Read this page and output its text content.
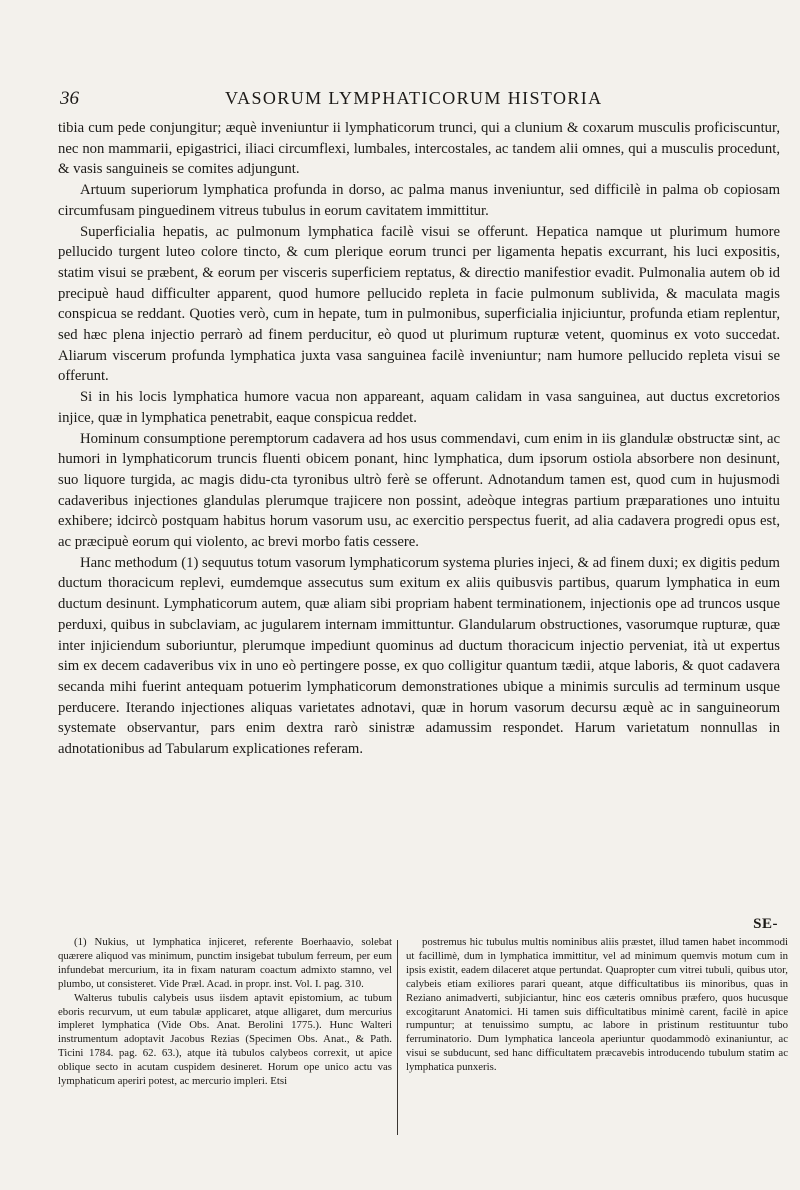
36	VASORUM LYMPHATICORUM HISTORIA

tibia cum pede conjungitur; æquè inveniuntur ii lymphaticorum trunci, qui a clunium & coxarum musculis proficiscuntur, nec non mammarii, epigastrici, iliaci circumflexi, lumbales, intercostales, ac tandem alii omnes, qui a musculis procedunt, & vasis sanguineis se comites adjungunt.

Artuum superiorum lymphatica profunda in dorso, ac palma manus inveniuntur, sed difficilè in palma ob copiosam circumfusam pinguedinem vitreus tubulus in eorum cavitatem immittitur.

Superficialia hepatis, ac pulmonum lymphatica facilè visui se offerunt. Hepatica namque ut plurimum humore pellucido turgent luteo colore tincto, & cum plerique eorum trunci per ligamenta hepatis excurrant, his luci expositis, statim visui se præbent, & eorum per visceris superficiem reptatus, & directio manifestior evadit. Pulmonalia autem ob id precipuè haud difficulter apparent, quod humore pellucido repleta in facie pulmonum sublivida, & maculata magis conspicua se reddant. Quoties verò, cum in hepate, tum in pulmonibus, superficialia injiciuntur, profunda etiam replentur, sed hæc plena injectio perrarò ad finem perducitur, eò quod ut plurimum rupturæ vetent, quominus ex voto succedat. Aliarum viscerum profunda lymphatica juxta vasa sanguinea facilè inveniuntur; nam humore pellucido repleta visui se offerunt.

Si in his locis lymphatica humore vacua non appareant, aquam calidam in vasa sanguinea, aut ductus excretorios injice, quæ in lymphatica penetrabit, eaque conspicua reddet.

Hominum consumptione peremptorum cadavera ad hos usus commendavi, cum enim in iis glandulæ obstructæ sint, ac humori in lymphaticorum truncis fluenti obicem ponant, hinc lymphatica, dum ipsorum ostiola absorbere non desinunt, suo liquore turgida, ac magis didu-cta tyronibus ultrò ferè se offerunt. Adnotandum tamen est, quod cum in hujusmodi cadaveribus injectiones glandulas plerumque trajicere non possint, adeòque integras partium præparationes uno intuitu exhibere; idcircò postquam habitus horum vasorum usu, ac exercitio perspectus fuerit, ad alia cadavera progredi opus est, ac præcipuè eorum qui violento, ac brevi morbo fatis cessere.

Hanc methodum (1) sequutus totum vasorum lymphaticorum systema pluries injeci, & ad finem duxi; ex digitis pedum ductum thoracicum replevi, eumdemque assecutus sum exitum ex aliis quibusvis partibus, quarum lymphatica in eum ductum desinunt. Lymphaticorum autem, quæ aliam sibi propriam habent terminationem, injectionis ope ad truncos usque perduxi, quibus in subclaviam, ac jugularem internam immittuntur. Glandularum obstructiones, vasorumque rupturæ, quæ inter injiciendum suboriuntur, plerumque impediunt quominus ad ductum thoracicum injectio perveniat, ità ut expertus sim ex decem cadaveribus vix in uno eò pertingere posse, ex quo colligitur quantum tædii, atque laboris, & quot cadavera secanda mihi fuerint antequam potuerim lymphaticorum demonstrationes ubique a minimis surculis ad terminum usque perducere. Iterando injectiones aliquas varietates adnotavi, quæ in horum vasorum decursu æquè ac in sanguineorum systemate observantur, pars enim dextra rarò sinistræ adamussim respondet. Harum varietatum nonnullas in adnotationibus ad Tabularum explicationes referam.

SE-

(1) Nukius, ut lymphatica injiceret, referente Boerhaavio, solebat quærere aliquod vas minimum, punctim insigebat tubulum ferreum, per eum infundebat mercurium, ita in fixam naturam coactum admixto stamno, vel plumbo, ut consisteret. Vide Præl. Acad. in propr. inst. Vol. I. pag. 310.

Walterus tubulis calybeis usus iisdem aptavit epistomium, ac tubum eboris recurvum, ut eum tabulæ applicaret, atque alligaret, dum mercurius impleret lymphatica (Vide Obs. Anat. Berolini 1775.). Hunc Walteri instrumentum adoptavit Jacobus Rezias (Specimen Obs. Anat., & Path. Ticini 1784. pag. 62. 63.), atque ità tubulos calybeos correxit, ut apice oblique secto in acutam cuspidem desineret. Horum ope unico actu vas lymphaticum aperiri potest, ac mercurio impleri. Etsi

postremus hic tubulus multis nominibus aliis præstet, illud tamen habet incommodi ut facillimè, dum in lymphatica immittitur, vel ad minimum quemvis motum cum in ipsis existit, eadem dilaceret atque pertundat. Quapropter cum vitrei tubuli, quibus utor, calybeis etiam exiliores parari queant, atque difficultatibus iis minoribus, quas in Reziano animadverti, subjiciantur, hinc eos cæteris omnibus præfero, quos hucusque excogitarunt Anatomici. Hi tamen suis difficultatibus minimè carent, facilè in apice rumpuntur; at tenuissimo sumptu, ac labore in pristinum restituuntur tubo ferruminatorio. Dum lymphatica lanceola aperiuntur quodammodò exinaniuntur, ac visui se subducunt, sed hanc difficultatem præcavebis introducendo tubulum statim ac lymphatica punxeris.
